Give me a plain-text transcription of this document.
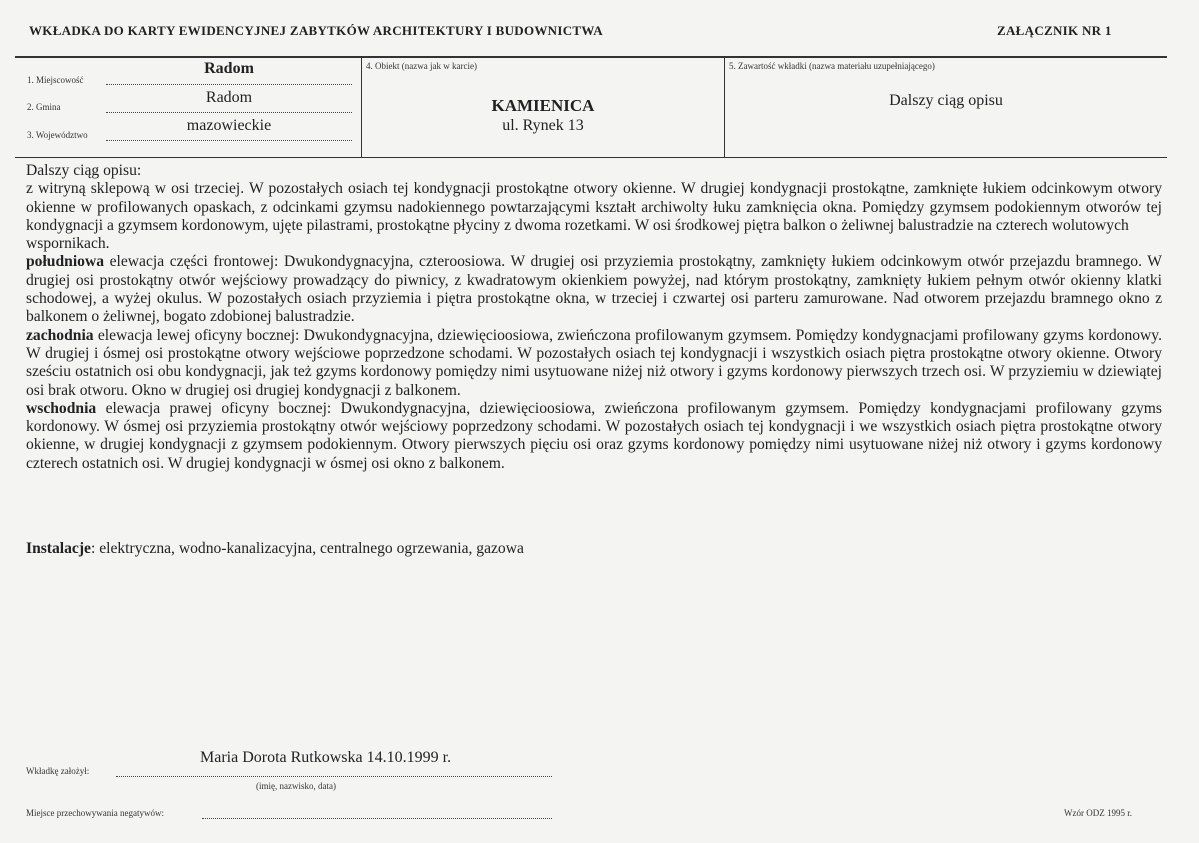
WKŁADKA DO KARTY EWIDENCYJNEJ ZABYTKÓW ARCHITEKTURY I BUDOWNICTWA	ZAŁĄCZNIK NR 1
1. Miejscowość
Radom
2. Gmina
Radom
3. Województwo
mazowieckie
4. Obiekt (nazwa jak w karcie)
KAMIENICA
ul. Rynek 13
5. Zawartość wkładki (nazwa materiału uzupełniającego)
Dalszy ciąg opisu

Dalszy ciąg opisu:

z witryną sklepową w osi trzeciej. W pozostałych osiach tej kondygnacji prostokątne otwory okienne. W drugiej kondygnacji prostokątne, zamknięte łukiem odcinkowym otwory okienne w profilowanych opaskach, z odcinkami gzymsu nadokiennego powtarzającymi kształt archiwolty łuku zamknięcia okna. Pomiędzy gzymsem podokiennym otworów tej kondygnacji a gzymsem kordonowym, ujęte pilastrami, prostokątne płyciny z dwoma rozetkami. W osi środkowej piętra balkon o żeliwnej balustradzie na czterech wolutowych

wspornikach.

południowa elewacja części frontowej: Dwukondygnacyjna, czteroosiowa. W drugiej osi przyziemia prostokątny, zamknięty łukiem odcinkowym otwór przejazdu bramnego. W drugiej osi prostokątny otwór wejściowy prowadzący do piwnicy, z kwadratowym okienkiem powyżej, nad którym prostokątny, zamknięty łukiem pełnym otwór okienny klatki schodowej, a wyżej okulus. W pozostałych osiach przyziemia i piętra prostokątne okna, w trzeciej i czwartej osi parteru zamurowane. Nad otworem przejazdu bramnego okno z balkonem o żeliwnej, bogato zdobionej balustradzie.

zachodnia elewacja lewej oficyny bocznej: Dwukondygnacyjna, dziewięcioosiowa, zwieńczona profilowanym gzymsem. Pomiędzy kondygnacjami profilowany gzyms kordonowy. W drugiej i ósmej osi prostokątne otwory wejściowe poprzedzone schodami. W pozostałych osiach tej kondygnacji i wszystkich osiach piętra prostokątne otwory okienne. Otwory sześciu ostatnich osi obu kondygnacji, jak też gzyms kordonowy pomiędzy nimi usytuowane niżej niż otwory i gzyms kordonowy pierwszych trzech osi. W przyziemiu w dziewiątej osi brak otworu. Okno w drugiej osi drugiej kondygnacji z balkonem.

wschodnia elewacja prawej oficyny bocznej: Dwukondygnacyjna, dziewięcioosiowa, zwieńczona profilowanym gzymsem. Pomiędzy kondygnacjami profilowany gzyms kordonowy. W ósmej osi przyziemia prostokątny otwór wejściowy poprzedzony schodami. W pozostałych osiach tej kondygnacji i we wszystkich osiach piętra prostokątne otwory okienne, w drugiej kondygnacji z gzymsem podokiennym. Otwory pierwszych pięciu osi oraz gzyms kordonowy pomiędzy nimi usytuowane niżej niż otwory i gzyms kordonowy czterech ostatnich osi. W drugiej kondygnacji w ósmej osi okno z balkonem.

Instalacje: elektryczna, wodno-kanalizacyjna, centralnego ogrzewania, gazowa
Wkładkę założył:
Maria Dorota Rutkowska 14.10.1999 r.
(imię, nazwisko, data)
Miejsce przechowywania negatywów:	Wzór ODZ 1995 r.
